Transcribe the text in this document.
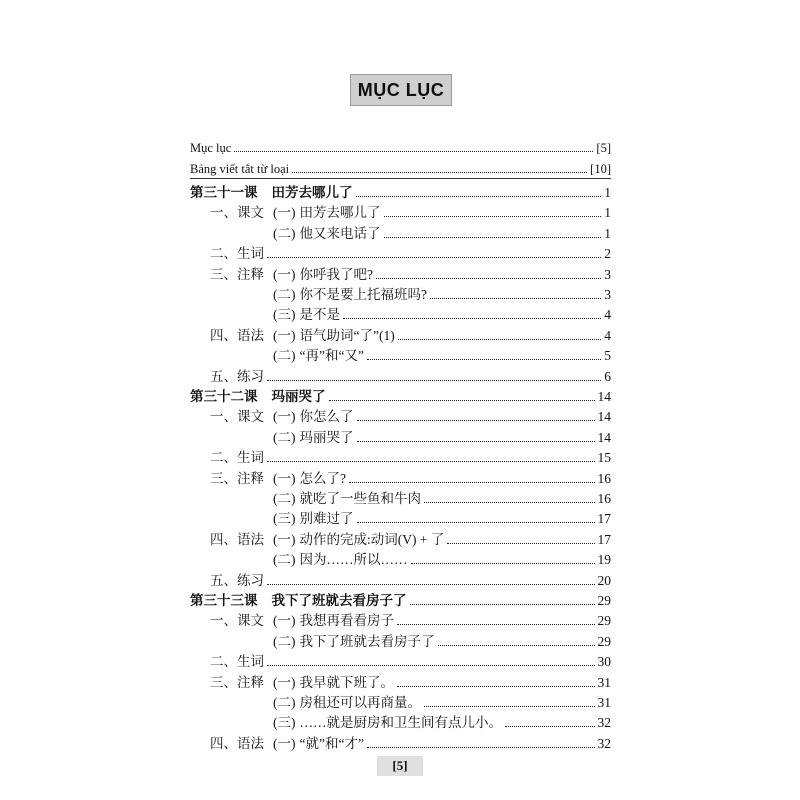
MỤC LỤC
Mục lục	[5]
Bảng viết tắt từ loại	[10]
第三十一课	田芳去哪儿了	1
一、课文 (一) 田芳去哪儿了	1
(二) 他又来电话了	1
二、生词	2
三、注释 (一) 你呼我了吧?	3
(二) 你不是要上托福班吗?	3
(三) 是不是	4
四、语法 (一) 语气助词“了”(1)	4
(二) “再”和“又”	5
五、练习	6
第三十二课	玛丽哭了	14
一、课文 (一) 你怎么了	14
(二) 玛丽哭了	14
二、生词	15
三、注释 (一) 怎么了?	16
(二) 就吃了一些鱼和牛肉	16
(三) 别难过了	17
四、语法 (一) 动作的完成:动词(V) + 了	17
(二) 因为……所以……	19
五、练习	20
第三十三课	我下了班就去看房子了	29
一、课文 (一) 我想再看看房子	29
(二) 我下了班就去看房子了	29
二、生词	30
三、注释 (一) 我早就下班了。	31
(二) 房租还可以再商量。	31
(三) ……就是厨房和卫生间有点儿小。	32
四、语法 (一) “就”和“才”	32
[5]
